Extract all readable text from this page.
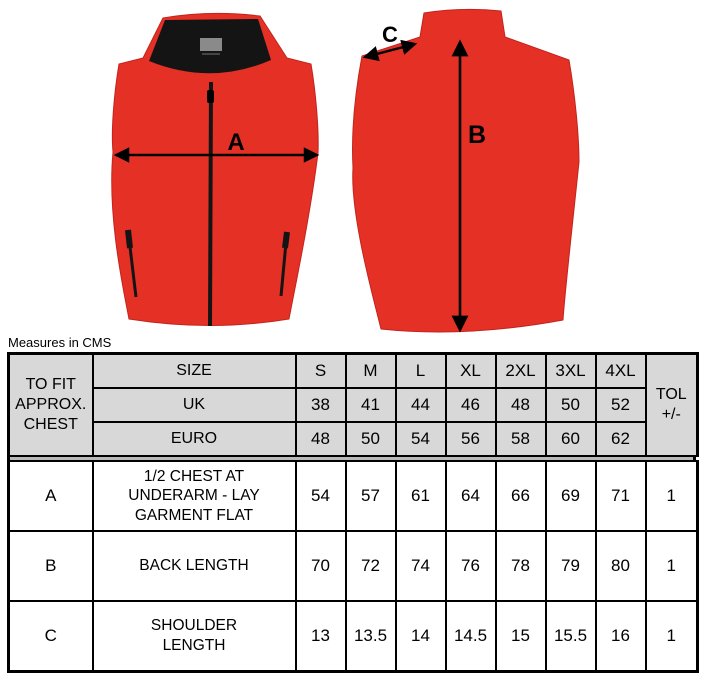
A	B
C
Measures in CMS
TO FIT APPROX. CHEST	SIZE	S	M	L	XL	2XL	3XL	4XL	TOL +/-
	UK	38	41	44	46	48	50	52	
	EURO	48	50	54	56	58	60	62	
A	1/2 CHEST AT UNDERARM - LAY GARMENT FLAT	54	57	61	64	66	69	71	1
B	BACK LENGTH	70	72	74	76	78	79	80	1
C	SHOULDER LENGTH	13	13.5	14	14.5	15	15.5	16	1
